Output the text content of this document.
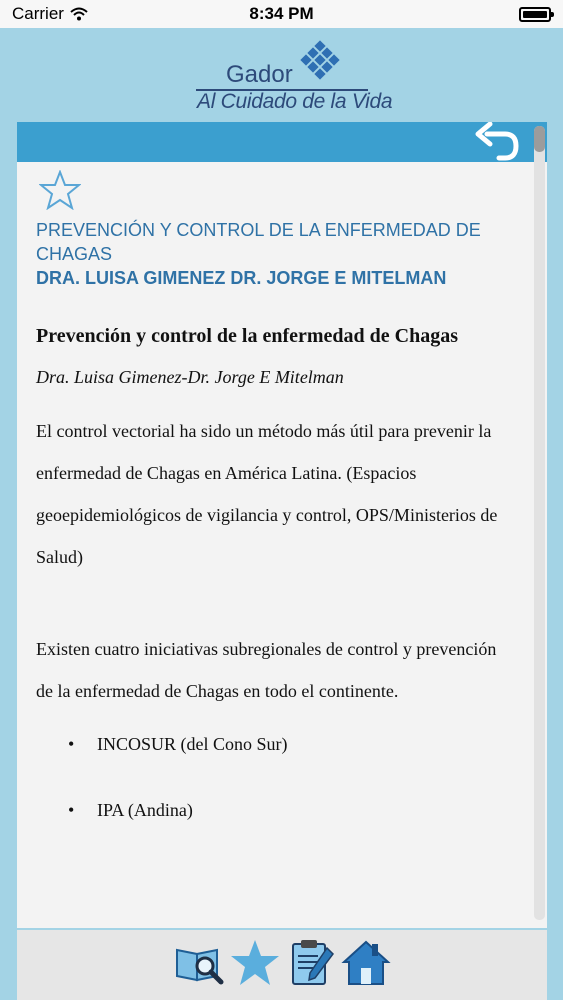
Carrier	8:34 PM
Gador
Al Cuidado de la Vida
PREVENCIÓN Y CONTROL DE LA ENFERMEDAD DE CHAGAS
DRA. LUISA GIMENEZ DR. JORGE E MITELMAN
Prevención y control de la enfermedad de Chagas
Dra. Luisa Gimenez-Dr. Jorge E Mitelman

El control vectorial ha sido un método más útil para prevenir la enfermedad de Chagas en América Latina. (Espacios geoepidemiológicos de vigilancia y control, OPS/Ministerios de Salud)

Existen cuatro iniciativas subregionales de control y prevención de la enfermedad de Chagas en todo el continente.

• INCOSUR (del Cono Sur)
• IPA (Andina)
